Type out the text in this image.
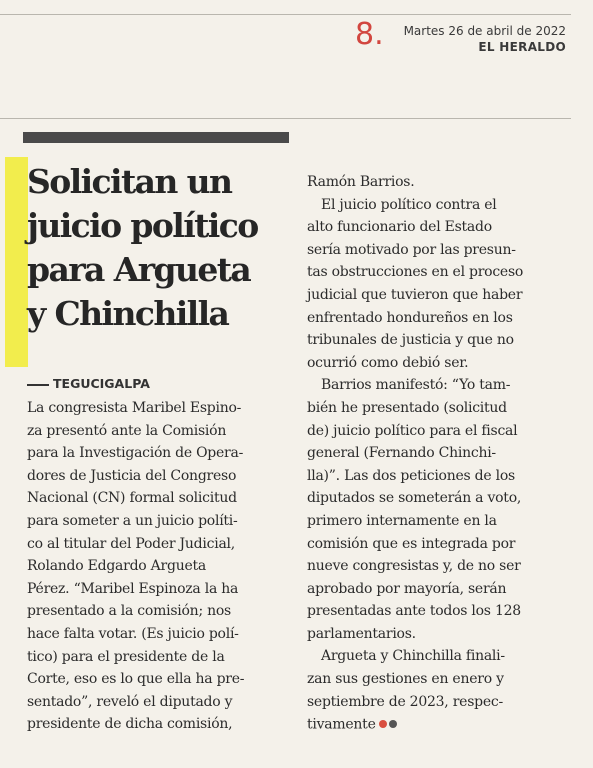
8. Martes 26 de abril de 2022
EL HERALDO
Solicitan un
juicio político
para Argueta
y Chinchilla
TEGUCIGALPA
La congresista Maribel Espino-
za presentó ante la Comisión
para la Investigación de Opera-
dores de Justicia del Congreso
Nacional (CN) formal solicitud
para someter a un juicio políti-
co al titular del Poder Judicial,
Rolando Edgardo Argueta
Pérez. “Maribel Espinoza la ha
presentado a la comisión; nos
hace falta votar. (Es juicio polí-
tico) para el presidente de la
Corte, eso es lo que ella ha pre-
sentado”, reveló el diputado y
presidente de dicha comisión,
Ramón Barrios.
El juicio político contra el
alto funcionario del Estado
sería motivado por las presun-
tas obstrucciones en el proceso
judicial que tuvieron que haber
enfrentado hondureños en los
tribunales de justicia y que no
ocurrió como debió ser.
Barrios manifestó: “Yo tam-
bién he presentado (solicitud
de) juicio político para el fiscal
general (Fernando Chinchi-
lla)”. Las dos peticiones de los
diputados se someterán a voto,
primero internamente en la
comisión que es integrada por
nueve congresistas y, de no ser
aprobado por mayoría, serán
presentadas ante todos los 128
parlamentarios.
Argueta y Chinchilla finali-
zan sus gestiones en enero y
septiembre de 2023, respec-
tivamente
